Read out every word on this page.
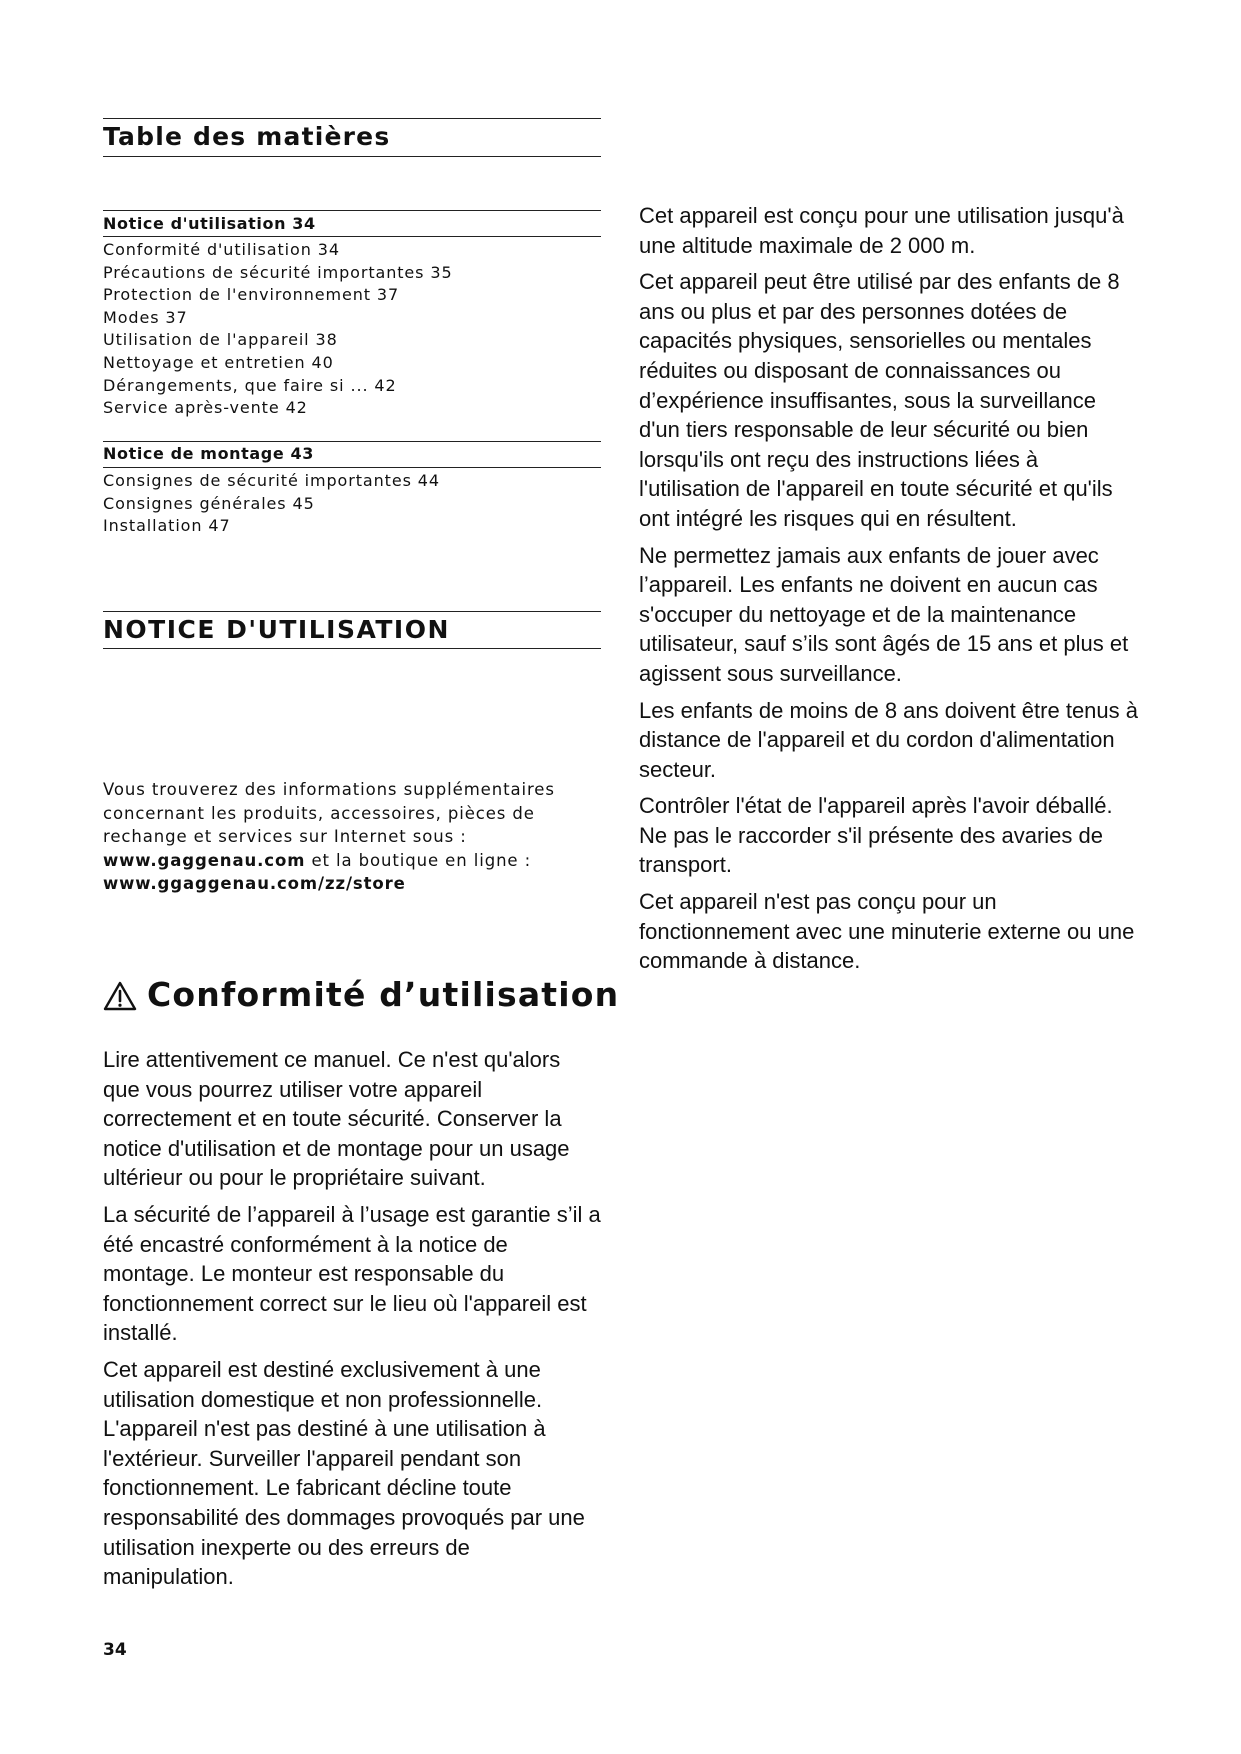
Table des matières
Notice d'utilisation 34
Conformité d'utilisation 34
Précautions de sécurité importantes 35
Protection de l'environnement 37
Modes 37
Utilisation de l'appareil 38
Nettoyage et entretien 40
Dérangements, que faire si ... 42
Service après-vente 42
Notice de montage 43
Consignes de sécurité importantes 44
Consignes générales 45
Installation 47
NOTICE D'UTILISATION
Vous trouverez des informations supplémentaires concernant les produits, accessoires, pièces de rechange et services sur Internet sous : www.gaggenau.com et la boutique en ligne : www.ggaggenau.com/zz/store
Conformité d’utilisation

Lire attentivement ce manuel. Ce n'est qu'alors que vous pourrez utiliser votre appareil correctement et en toute sécurité. Conserver la notice d'utilisation et de montage pour un usage ultérieur ou pour le propriétaire suivant.

La sécurité de l’appareil à l’usage est garantie s’il a été encastré conformément à la notice de montage. Le monteur est responsable du fonctionnement correct sur le lieu où l'appareil est installé.

Cet appareil est destiné exclusivement à une utilisation domestique et non professionnelle. L'appareil n'est pas destiné à une utilisation à l'extérieur. Surveiller l'appareil pendant son fonctionnement. Le fabricant décline toute responsabilité des dommages provoqués par une utilisation inexperte ou des erreurs de manipulation.

Cet appareil est conçu pour une utilisation jusqu'à une altitude maximale de 2 000 m.

Cet appareil peut être utilisé par des enfants de 8 ans ou plus et par des personnes dotées de capacités physiques, sensorielles ou mentales réduites ou disposant de connaissances ou d’expérience insuffisantes, sous la surveillance d'un tiers responsable de leur sécurité ou bien lorsqu'ils ont reçu des instructions liées à l'utilisation de l'appareil en toute sécurité et qu'ils ont intégré les risques qui en résultent.

Ne permettez jamais aux enfants de jouer avec l’appareil. Les enfants ne doivent en aucun cas s'occuper du nettoyage et de la maintenance utilisateur, sauf s’ils sont âgés de 15 ans et plus et agissent sous surveillance.

Les enfants de moins de 8 ans doivent être tenus à distance de l'appareil et du cordon d'alimentation secteur.

Contrôler l'état de l'appareil après l'avoir déballé. Ne pas le raccorder s'il présente des avaries de transport.

Cet appareil n'est pas conçu pour un fonctionnement avec une minuterie externe ou une commande à distance.

34
